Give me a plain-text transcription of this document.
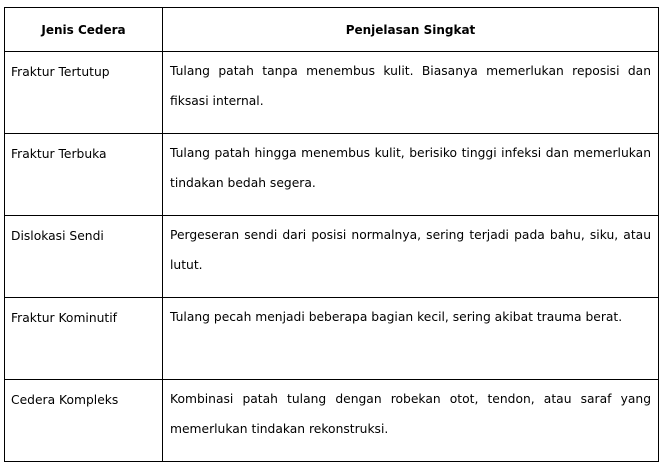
Jenis Cedera	Penjelasan Singkat
Fraktur Tertutup	Tulang patah tanpa menembus kulit. Biasanya memerlukan reposisi dan fiksasi internal.
Fraktur Terbuka	Tulang patah hingga menembus kulit, berisiko tinggi infeksi dan memerlukan tindakan bedah segera.
Dislokasi Sendi	Pergeseran sendi dari posisi normalnya, sering terjadi pada bahu, siku, atau lutut.
Fraktur Kominutif	Tulang pecah menjadi beberapa bagian kecil, sering akibat trauma berat.
Cedera Kompleks	Kombinasi patah tulang dengan robekan otot, tendon, atau saraf yang memerlukan tindakan rekonstruksi.
